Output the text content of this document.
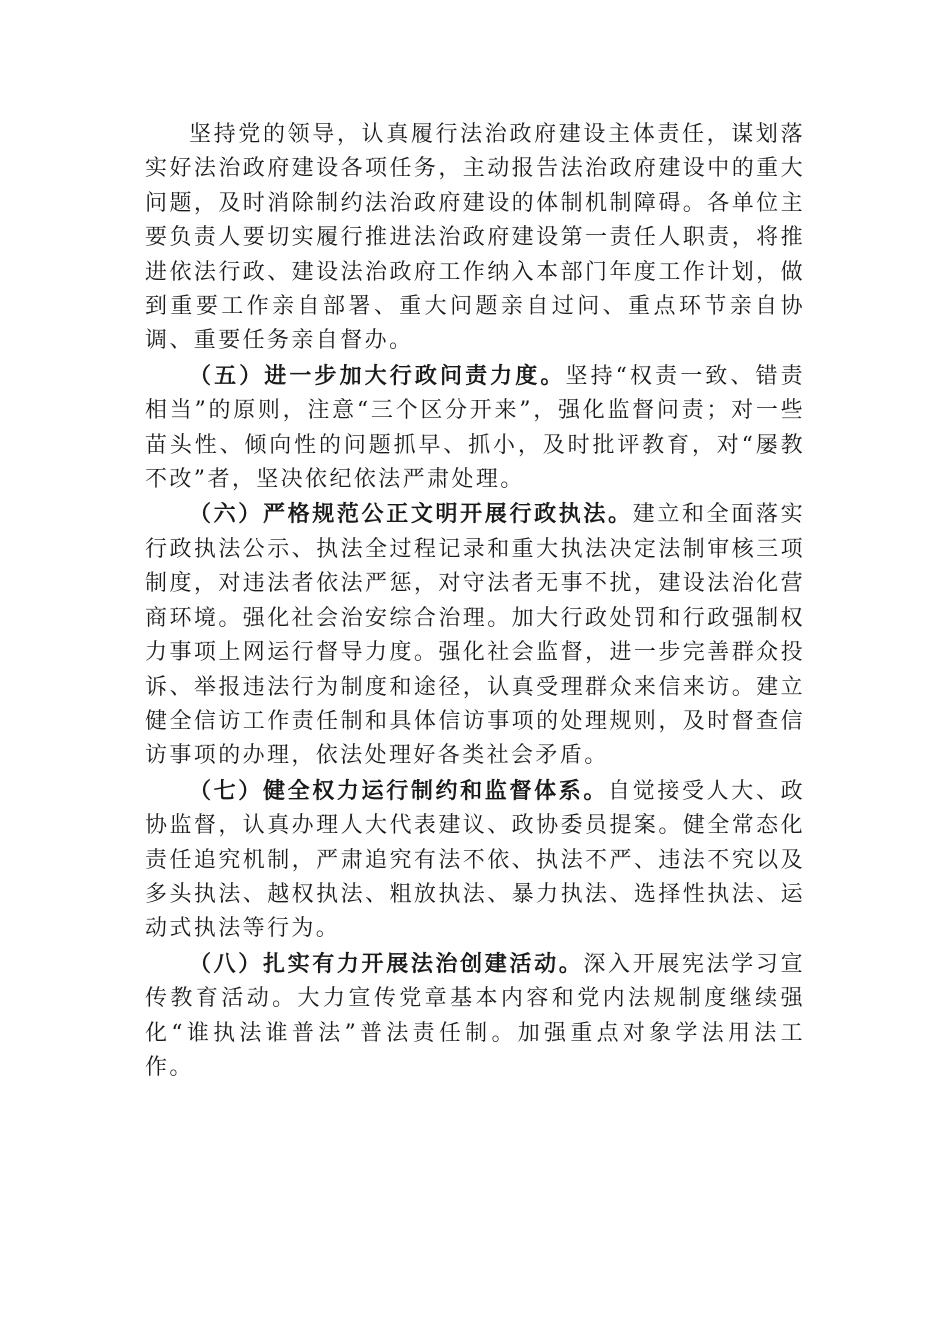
坚持党的领导，认真履行法治政府建设主体责任，谋划落实好法治政府建设各项任务，主动报告法治政府建设中的重大问题，及时消除制约法治政府建设的体制机制障碍。各单位主要负责人要切实履行推进法治政府建设第一责任人职责，将推进依法行政、建设法治政府工作纳入本部门年度工作计划，做到重要工作亲自部署、重大问题亲自过问、重点环节亲自协调、重要任务亲自督办。

（五）进一步加大行政问责力度。坚持“权责一致、错责相当”的原则，注意“三个区分开来”，强化监督问责；对一些苗头性、倾向性的问题抓早、抓小，及时批评教育，对“屡教不改”者，坚决依纪依法严肃处理。

（六）严格规范公正文明开展行政执法。建立和全面落实行政执法公示、执法全过程记录和重大执法决定法制审核三项制度，对违法者依法严惩，对守法者无事不扰，建设法治化营商环境。强化社会治安综合治理。加大行政处罚和行政强制权力事项上网运行督导力度。强化社会监督，进一步完善群众投诉、举报违法行为制度和途径，认真受理群众来信来访。建立健全信访工作责任制和具体信访事项的处理规则，及时督查信访事项的办理，依法处理好各类社会矛盾。

（七）健全权力运行制约和监督体系。自觉接受人大、政协监督，认真办理人大代表建议、政协委员提案。健全常态化责任追究机制，严肃追究有法不依、执法不严、违法不究以及多头执法、越权执法、粗放执法、暴力执法、选择性执法、运动式执法等行为。

（八）扎实有力开展法治创建活动。深入开展宪法学习宣传教育活动。大力宣传党章基本内容和党内法规制度继续强化“谁执法谁普法”普法责任制。加强重点对象学法用法工作。
